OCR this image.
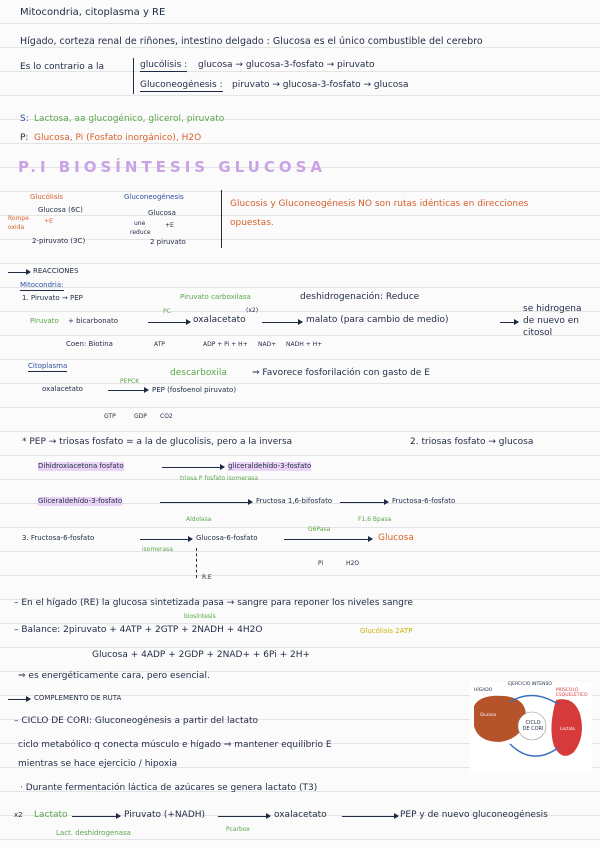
Mitocondria, citoplasma y RE
Hígado, corteza renal de riñones, intestino delgado : Glucosa es el único combustible del cerebro
Es lo contrario a la	glucólisis : glucosa → glucosa-3-fosfato → piruvato
Gluconeogénesis : piruvato → glucosa-3-fosfato → glucosa
S: Lactosa, aa glucogénico, glicerol, piruvato
P: Glucosa, Pi (Fosfato inorgánico), H2O
P.I BIOSÍNTESIS GLUCOSA
Glucólisis
Glucosa (6C)
Rompe
oxida
+E
2-piruvato (3C)
Gluconeogénesis
Glucosa
une
reduce
+E
2 piruvato
Glucosis y Gluconeogénesis NO son rutas idénticas en direcciones opuestas.
REACCIONES
Mitocondria:
1. Piruvato → PEP	Piruvato carboxilasa	deshidrogenación: Reduce
(x2)
Piruvato + bicarbonato
PC
oxalacetato	malato (para cambio de medio)
se hidrogena de nuevo en citosol
Coen: Biotina	ATP	ADP + Pi + H+ NAD+ NADH + H+
Citoplasma
descarboxila	⇒ Favorece fosforilación con gasto de E
PEPCK
oxalacetato	PEP (fosfoenol piruvato)
GTP	GDP CO2
* PEP → triosas fosfato = a la de glucolisis, pero a la inversa	2. triosas fosfato → glucosa
Dihidroxiacetona fosfato	gliceraldehído-3-fosfato
triosa P fosfato isomerasa
Gliceraldehído-3-fosfato	Fructosa 1,6-bifosfato	Fructosa-6-fosfato
Aldolasa	F1,6 Bpasa
3. Fructosa-6-fosfato	Glucosa-6-fosfato
G6Pasa
Glucosa
isomerasa
Pi	H2O
R.E
– En el hígado (RE) la glucosa sintetizada pasa → sangre para reponer los niveles sangre
biosíntesis
– Balance: 2piruvato + 4ATP + 2GTP + 2NADH + 4H2O	Glucólisis 2ATP
Glucosa + 4ADP + 2GDP + 2NAD+ + 6Pi + 2H+
⇒ es energéticamente cara, pero esencial.
COMPLEMENTO DE RUTA
– CICLO DE CORI: Gluconeogénesis a partir del lactato
ciclo metabólico q conecta músculo e hígado ⇒ mantener equilibrio E
mientras se hace ejercicio / hipoxia
· Durante fermentación láctica de azúcares se genera lactato (T3)
x2 Lactato	Piruvato (+NADH)	oxalacetato	PEP y de nuevo gluconeogénesis
Lact. deshidrogenasa	Pcarbox
EJERCICIO INTENSO
HÍGADO	MÚSCULO ESQUELÉTICO
CICLO DE CORI
Glucosa
Lactato
